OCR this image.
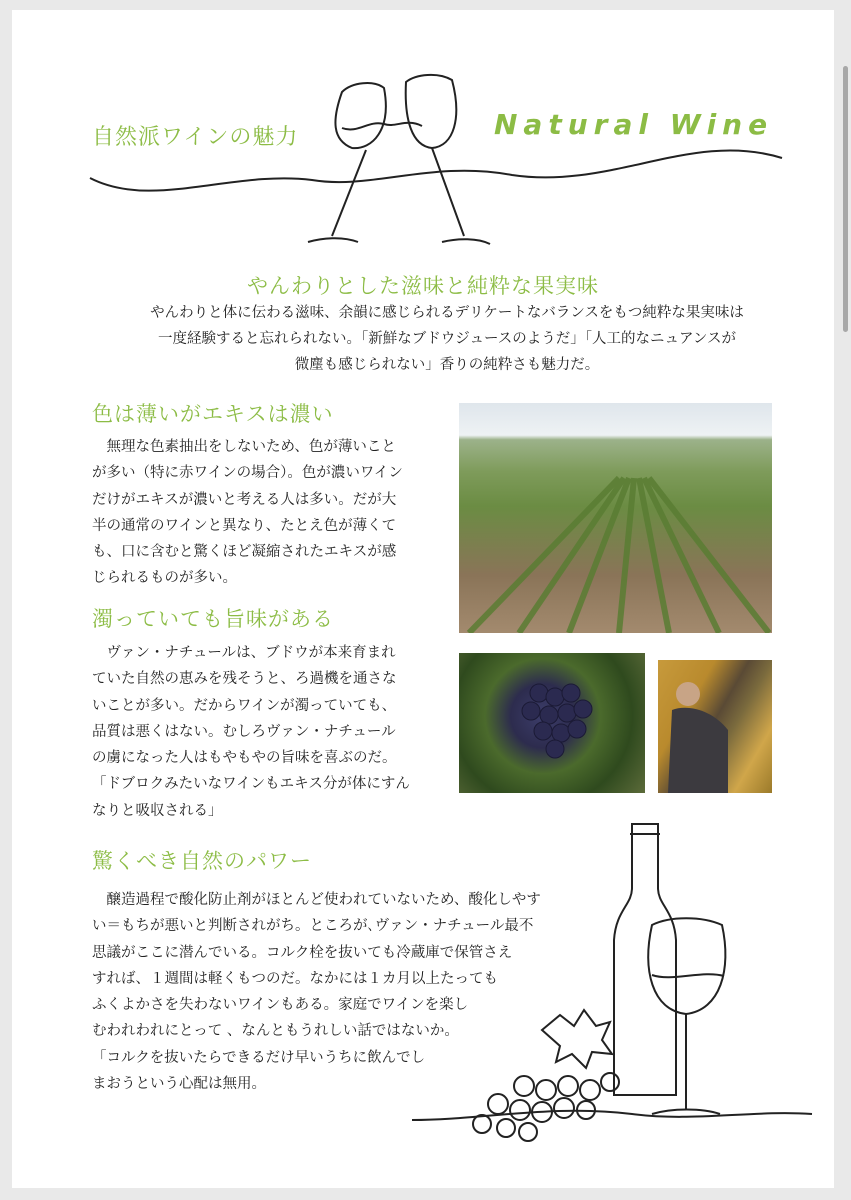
自然派ワインの魅力	Natural Wine
やんわりとした滋味と純粋な果実味
やんわりと体に伝わる滋味、余韻に感じられるデリケートなバランスをもつ純粋な果実味は
一度経験すると忘れられない。「新鮮なブドウジュースのようだ」「人工的なニュアンスが
微塵も感じられない」香りの純粋さも魅力だ。
色は薄いがエキスは濃い
　無理な色素抽出をしないため、色が薄いこと
が多い（特に赤ワインの場合）。色が濃いワイン
だけがエキスが濃いと考える人は多い。だが大
半の通常のワインと異なり、たとえ色が薄くて
も、口に含むと驚くほど凝縮されたエキスが感
じられるものが多い。
濁っていても旨味がある
　ヴァン・ナチュールは、ブドウが本来育まれ
ていた自然の恵みを残そうと、ろ過機を通さな
いことが多い。だからワインが濁っていても、
品質は悪くはない。むしろヴァン・ナチュール
の虜になった人はもやもやの旨味を喜ぶのだ。
「ドブロクみたいなワインもエキス分が体にすん
なりと吸収される」
驚くべき自然のパワー
　醸造過程で酸化防止剤がほとんど使われていないため、酸化しやす
い＝もちが悪いと判断されがち。ところが､ヴァン・ナチュール最不
思議がここに潜んでいる。コルク栓を抜いても冷蔵庫で保管さえ
すれば、１週間は軽くもつのだ。なかには１カ月以上たっても
ふくよかさを失わないワインもある。家庭でワインを楽し
むわれわれにとって 、なんともうれしい話ではないか。
「コルクを抜いたらできるだけ早いうちに飲んでし
まおうという心配は無用。
